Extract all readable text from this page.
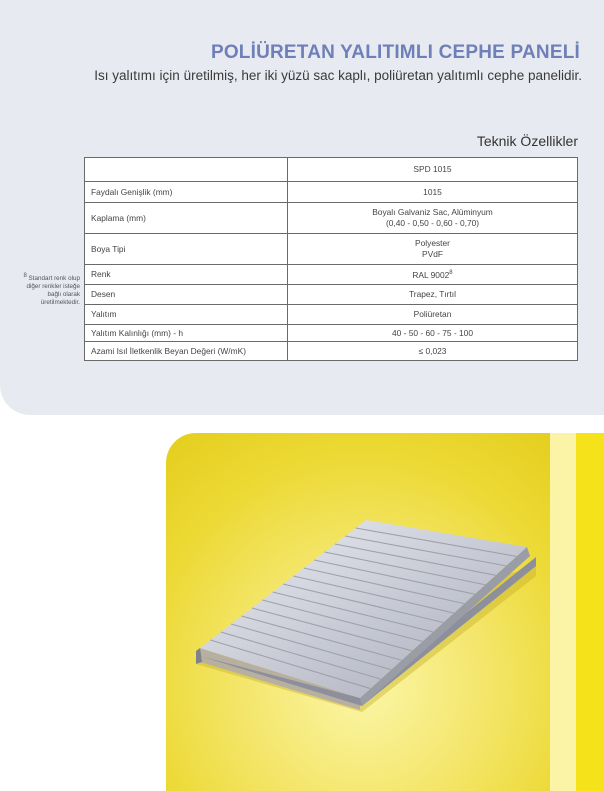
POLİÜRETAN YALITIMLI CEPHE PANELİ
Isı yalıtımı için üretilmiş, her iki yüzü sac kaplı, poliüretan yalıtımlı cephe panelidir.
Teknik Özellikler
	SPD 1015
Faydalı Genişlik (mm)	1015
Kaplama (mm)	Boyalı Galvaniz Sac, Alüminyum
(0,40 - 0,50 - 0,60 - 0,70)

Boya Tipi	Polyester
PVdF

Renk	RAL 9002$^8$
Desen	Trapez, Tırtıl
Yalıtım	Poliüretan
Yalıtım Kalınlığı (mm) - h	40 - 50 - 60 - 75 - 100
Azami Isıl İletkenlik Beyan Değeri (W/mK)	≤ 0,023
$^8$ Standart renk olup diğer renkler isteğe bağlı olarak üretilmektedir.
